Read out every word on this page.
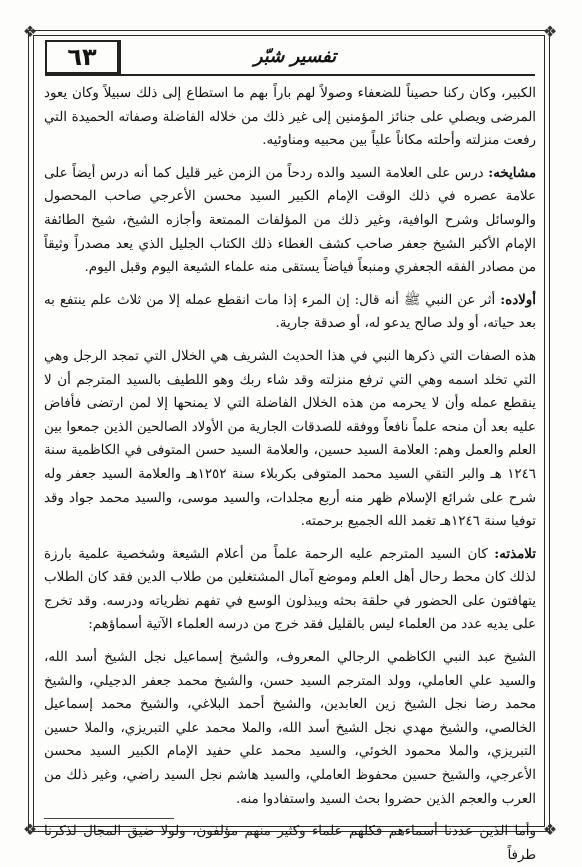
❖	❖
❖	❖
٦٣	تفسير شبّر

الكبير، وكان ركنا حصيناً للضعفاء وصولاً لهم باراً بهم ما استطاع إلى ذلك سبيلاً وكان يعود المرضى ويصلي على جنائز المؤمنين إلى غير ذلك من خلاله الفاضلة وصفاته الحميدة التي رفعت منزلته وأحلته مكاناً علياً بين محبيه ومناوئيه.

مشايخه: درس على العلامة السيد والده ردحاً من الزمن غير قليل كما أنه درس أيضاً على علامة عصره في ذلك الوقت الإمام الكبير السيد محسن الأعرجي صاحب المحصول والوسائل وشرح الوافية، وغير ذلك من المؤلفات الممتعة وأجازه الشيخ، شيخ الطائفة الإمام الأكبر الشيخ جعفر صاحب كشف الغطاء ذلك الكتاب الجليل الذي يعد مصدراً وثيقاً من مصادر الفقه الجعفري ومنبعاً فياضاً يستقى منه علماء الشيعة اليوم وقبل اليوم.

أولاده: أثر عن النبي ﷺ أنه قال: إن المرء إذا مات انقطع عمله إلا من ثلاث علم ينتفع به بعد حياته، أو ولد صالح يدعو له، أو صدقة جارية.

هذه الصفات التي ذكرها النبي في هذا الحديث الشريف هي الخلال التي تمجد الرجل وهي التي تخلد اسمه وهي التي ترفع منزلته وقد شاء ربك وهو اللطيف بالسيد المترجم أن لا ينقطع عمله وأن لا يحرمه من هذه الخلال الفاضلة التي لا يمنحها إلا لمن ارتضى فأفاض عليه بعد أن منحه علماً نافعاً ووفقه للصدقات الجارية من الأولاد الصالحين الذين جمعوا بين العلم والعمل وهم: العلامة السيد حسين، والعلامة السيد حسن المتوفى في الكاظمية سنة ١٢٤٦ هـ والبر التقي السيد محمد المتوفى بكربلاء سنة ١٢٥٢هـ والعلامة السيد جعفر وله شرح على شرائع الإسلام ظهر منه أربع مجلدات، والسيد موسى، والسيد محمد جواد وقد توفيا سنة ١٢٤٦هـ تغمد الله الجميع برحمته.

تلامذته: كان السيد المترجم عليه الرحمة علماً من أعلام الشيعة وشخصية علمية بارزة لذلك كان محط رحال أهل العلم وموضع آمال المشتغلين من طلاب الدين فقد كان الطلاب يتهافتون على الحضور في حلقة بحثه ويبذلون الوسع في تفهم نظرياته ودرسه. وقد تخرج على يديه عدد من العلماء ليس بالقليل فقد خرج من درسه العلماء الآتية أسماؤهم:

الشيخ عبد النبي الكاظمي الرجالي المعروف، والشيخ إسماعيل نجل الشيخ أسد الله، والسيد علي العاملي، وولد المترجم السيد حسن، والشيخ محمد جعفر الدجيلي، والشيخ محمد رضا نجل الشيخ زين العابدين، والشيخ أحمد البلاغي، والشيخ محمد إسماعيل الخالصي، والشيخ مهدي نجل الشيخ أسد الله، والملا محمد علي التبريزي، والملا حسين التبريزي، والملا محمود الخوئي، والسيد محمد علي حفيد الإمام الكبير السيد محسن الأعرجي، والشيخ حسين محفوظ العاملي، والسيد هاشم نجل السيد راضي، وغير ذلك من العرب والعجم الذين حضروا بحث السيد واستفادوا منه.

وأما الذين عددنا أسماءهم فكلهم علماء وكثير منهم مؤلفون، ولولا ضيق المجال لذكرنا طرفاً
